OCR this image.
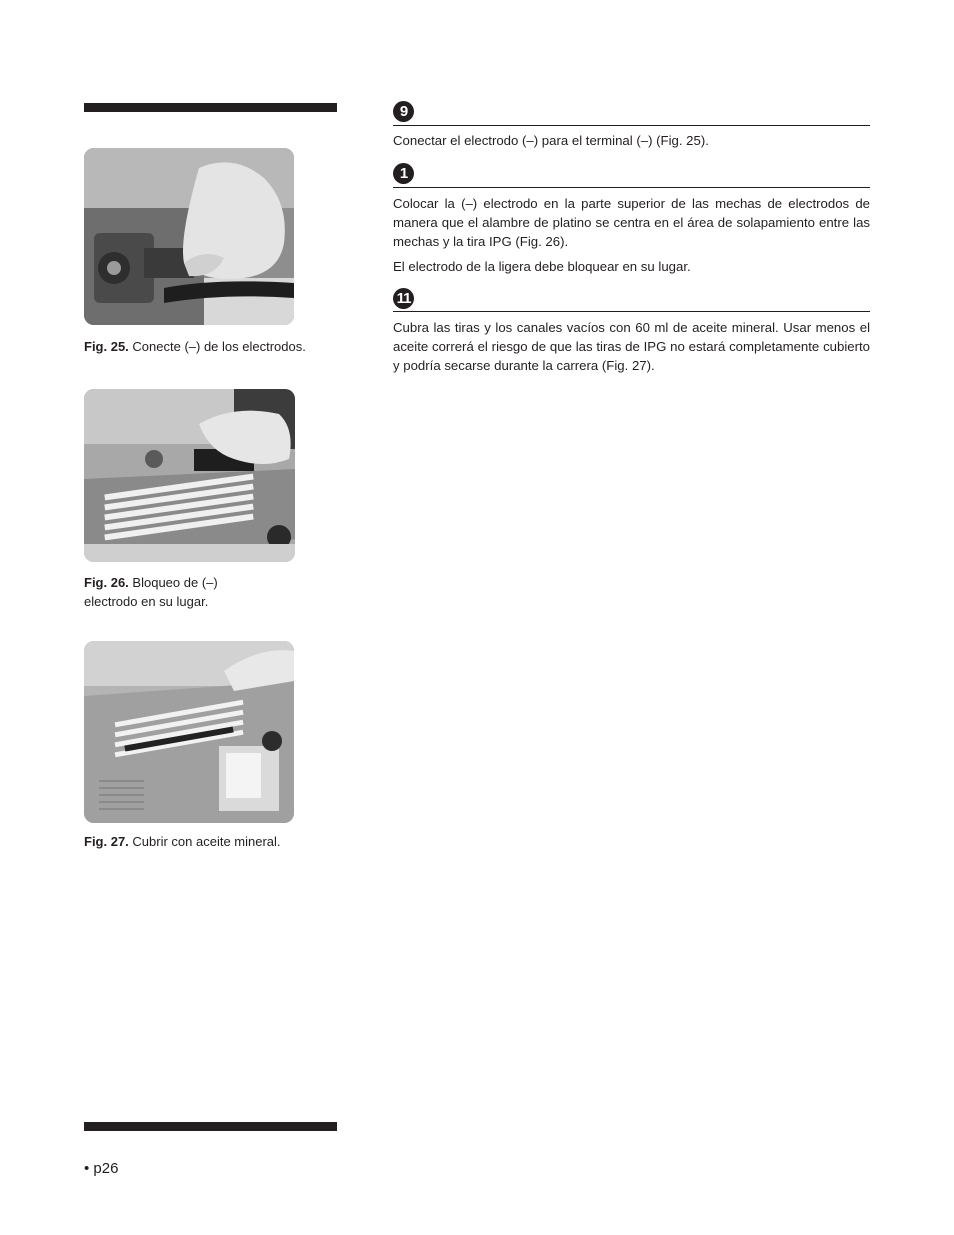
Fig. 25. Conecte (–) de los electrodos.
Fig. 26. Bloqueo de (–) electrodo en su lugar.
Fig. 27. Cubrir con aceite mineral.
9

Conectar el electrodo (–) para el terminal (–) (Fig. 25).

1

Colocar la (–) electrodo en la parte superior de las mechas de electrodos de manera que el alambre de platino se centra en el área de solapamiento entre las mechas y la tira IPG (Fig. 26).

El electrodo de la ligera debe bloquear en su lugar.

11

Cubra las tiras y los canales vacíos con 60 ml de aceite mineral. Usar menos el aceite correrá el riesgo de que las tiras de IPG no estará completamente cubierto y podría secarse durante la carrera (Fig. 27).

• p26
